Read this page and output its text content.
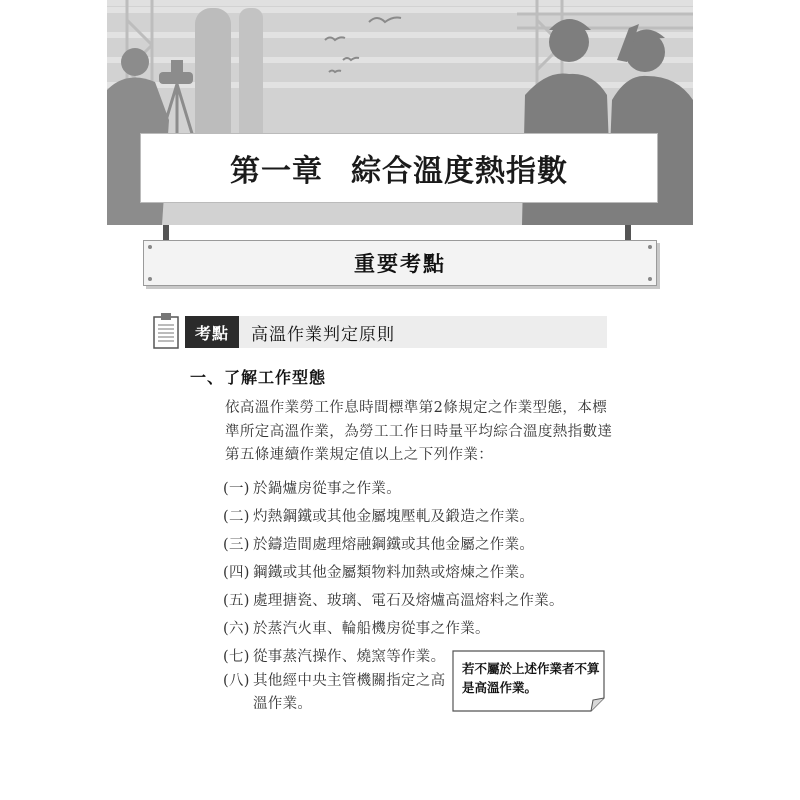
第一章 綜合溫度熱指數
重要考點
考點	高溫作業判定原則
一、了解工作型態
依高溫作業勞工作息時間標準第2條規定之作業型態，本標準所定高溫作業，為勞工工作日時量平均綜合溫度熱指數達第五條連續作業規定值以上之下列作業：
(一) 於鍋爐房從事之作業。
(二) 灼熱鋼鐵或其他金屬塊壓軋及鍛造之作業。
(三) 於鑄造間處理熔融鋼鐵或其他金屬之作業。
(四) 鋼鐵或其他金屬類物料加熱或熔煉之作業。
(五) 處理搪瓷、玻璃、電石及熔爐高溫熔料之作業。
(六) 於蒸汽火車、輪船機房從事之作業。
(七) 從事蒸汽操作、燒窯等作業。
(八) 其他經中央主管機關指定之高溫作業。
若不屬於上述作業者不算是高溫作業。
